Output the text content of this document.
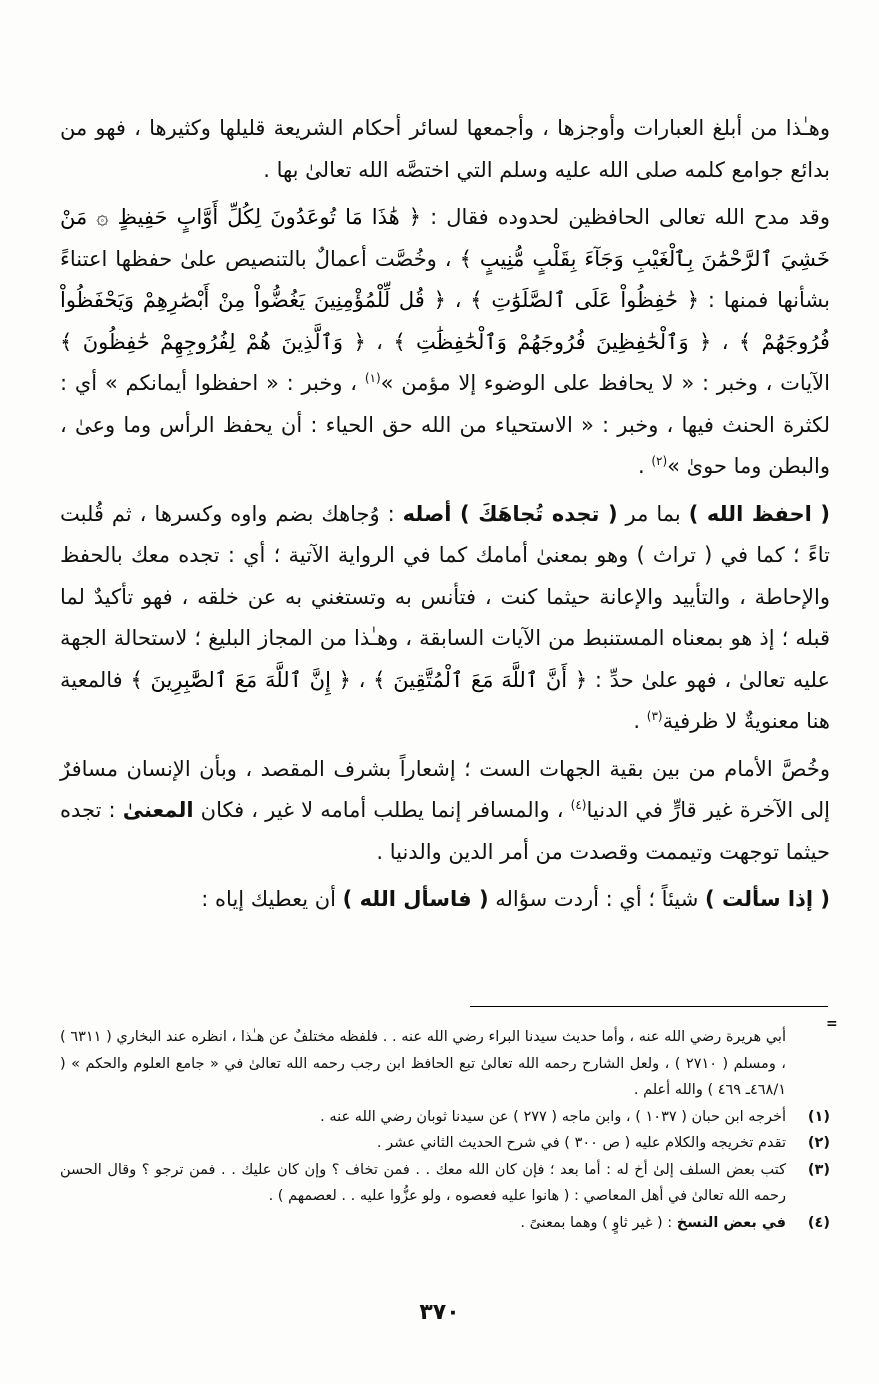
وهـٰذا من أبلغ العبارات وأوجزها ، وأجمعها لسائر أحكام الشريعة قليلها وكثيرها ، فهو من بدائع جوامع كلمه صلى الله عليه وسلم التي اختصَّه الله تعالىٰ بها .

وقد مدح الله تعالى الحافظين لحدوده فقال : ﴿ هَٰذَا مَا تُوعَدُونَ لِكُلِّ أَوَّابٍ حَفِيظٍ ۞ مَنْ خَشِيَ ٱلرَّحْمَٰنَ بِٱلْغَيْبِ وَجَآءَ بِقَلْبٍ مُّنِيبٍ ﴾ ، وخُصَّت أعمالٌ بالتنصيص علىٰ حفظها اعتناءً بشأنها فمنها : ﴿ حَٰفِظُواْ عَلَى ٱلصَّلَوَٰتِ ﴾ ، ﴿ قُل لِّلْمُؤْمِنِينَ يَغُضُّواْ مِنْ أَبْصَٰرِهِمْ وَيَحْفَظُواْ فُرُوجَهُمْ ﴾ ، ﴿ وَٱلْحَٰفِظِينَ فُرُوجَهُمْ وَٱلْحَٰفِظَٰتِ ﴾ ، ﴿ وَٱلَّذِينَ هُمْ لِفُرُوجِهِمْ حَٰفِظُونَ ﴾ الآيات ، وخبر : « لا يحافظ على الوضوء إلا مؤمن »$^{(١)}$ ، وخبر : « احفظوا أيمانكم » أي : لكثرة الحنث فيها ، وخبر : « الاستحياء من الله حق الحياء : أن يحفظ الرأس وما وعىٰ ، والبطن وما حوىٰ »$^{(٢)}$ .

( احفظ الله ) بما مر ( تجده تُجاهَكَ ) أصله : وُجاهك بضم واوه وكسرها ، ثم قُلبت تاءً ؛ كما في ( تراث ) وهو بمعنىٰ أمامك كما في الرواية الآتية ؛ أي : تجده معك بالحفظ والإحاطة ، والتأييد والإعانة حيثما كنت ، فتأنس به وتستغني به عن خلقه ، فهو تأكيدٌ لما قبله ؛ إذ هو بمعناه المستنبط من الآيات السابقة ، وهـٰذا من المجاز البليغ ؛ لاستحالة الجهة عليه تعالىٰ ، فهو علىٰ حدِّ : ﴿ أَنَّ ٱللَّهَ مَعَ ٱلْمُتَّقِينَ ﴾ ، ﴿ إِنَّ ٱللَّهَ مَعَ ٱلصَّٰبِرِينَ ﴾ فالمعية هنا معنويةٌ لا ظرفية$^{(٣)}$ .

وخُصَّ الأمام من بين بقية الجهات الست ؛ إشعاراً بشرف المقصد ، وبأن الإنسان مسافرٌ إلى الآخرة غير قارٍّ في الدنيا$^{(٤)}$ ، والمسافر إنما يطلب أمامه لا غير ، فكان المعنىٰ : تجده حيثما توجهت وتيممت وقصدت من أمر الدين والدنيا .

( إذا سألت ) شيئاً ؛ أي : أردت سؤاله ( فاسأل الله ) أن يعطيك إياه :

=
أبي هريرة رضي الله عنه ، وأما حديث سيدنا البراء رضي الله عنه . . فلفظه مختلفٌ عن هـٰذا ، انظره عند البخاري ( ٦٣١١ ) ، ومسلم ( ٢٧١٠ ) ، ولعل الشارح رحمه الله تعالىٰ تبع الحافظ ابن رجب رحمه الله تعالىٰ في « جامع العلوم والحكم » ( ٤٦٨/١ـ ٤٦٩ ) والله أعلم .
(١)
أخرجه ابن حبان ( ١٠٣٧ ) ، وابن ماجه ( ٢٧٧ ) عن سيدنا ثوبان رضي الله عنه .
(٢)
تقدم تخريجه والكلام عليه ( ص ٣٠٠ ) في شرح الحديث الثاني عشر .
(٣)
كتب بعض السلف إلىٰ أخ له : أما بعد ؛ فإن كان الله معك . . فمن تخاف ؟ وإن كان عليك . . فمن ترجو ؟ وقال الحسن رحمه الله تعالىٰ في أهل المعاصي : ( هانوا عليه فعصوه ، ولو عزُّوا عليه . . لعصمهم ) .
(٤)
في بعض النسخ : ( غير ثاوٍ ) وهما بمعنىً .
٣٧٠
